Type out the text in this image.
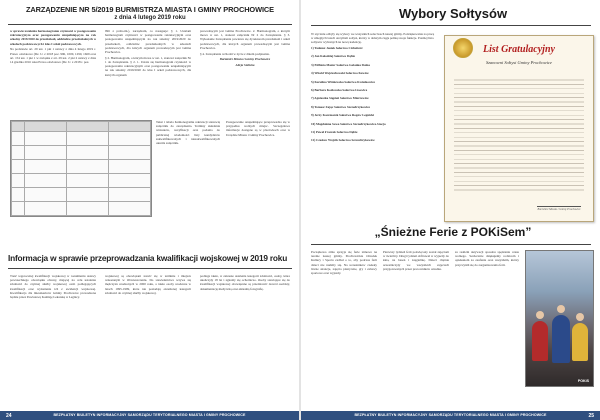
ZARZĄDZENIE NR 5/2019 BURMISTRZA MIASTA I GMINY PROCHOWICE
z dnia 4 lutego 2019 roku

w sprawie ustalenia harmonogramu czynności w postępowaniu rekrutacyjnym oraz postępowaniu uzupełniającym na rok szkolny 2019/2020 do przedszkoli, oddziałów przedszkolnych w szkołach podstawowych i klas I szkół podstawowych.

Na podstawie art. 29 ust. 1 pkt 1 ustawy z dnia 4 lutego 2019 r. Prawo oświatowe (Dz. U. z 2018 poz. 996, 1000, 1290, 1669 oraz art. 154 ust. 1 pkt 1 w związku z art. 29 ust. 2 pkt 2 ustawy z dnia 14 grudnia 2016 roku Prawo oświatowe (Dz. U. z 2018 r. poz.

996 z późn.zm.), zarządzam, co następuje: § 1. Ustalam harmonogram czynności w postępowaniu rekrutacyjnym oraz postępowaniu uzupełniającym na rok szkolny 2019/2020 do przedszkoli, oddziałów przedszkolnych w szkołach podstawowych, dla których organem prowadzącym jest Gmina Prochowice.

§ 2. Harmonogram, o którym mowa w ust. 1, stanowi załącznik Nr 1 do Zarządzenia. § 2. 1. Ustala się harmonogram czynności w postępowaniu rekrutacyjnym oraz postępowaniu uzupełniającym na rok szkolny 2019/2020 do klas I szkół podstawowych, dla których organem

prowadzącym jest Gmina Prochowice. 2. Harmonogram, o którym mowa w ust. 1, stanowi załącznik Nr 2 do Zarządzenia. § 3. Wykonanie Zarządzenia powierza się dyrektorom przedszkoli i szkół podstawowych, dla których organem prowadzącym jest Gmina Prochowice.

§ 4. Zarządzenie wchodzi w życie z dniem podpisania.

Burmistrz Miasta i Gminy Prochowice

Alicja Sielicka

Tekst i tabela harmonogramu rekrutacji stanowią załącznik do zarządzenia. Terminy składania wniosków, weryfikacji oraz podania do publicznej wiadomości listy kandydatów zakwalifikowanych i niezakwalifikowanych określa załącznik.

Postępowanie uzupełniające przeprowadza się w przypadku wolnych miejsc. Szczegółowe informacje dostępne są w placówkach oraz w Urzędzie Miasta i Gminy Prochowice.

Informacja w sprawie przeprowadzania kwalifikacji wojskowej w 2019 roku

Treść tegorocznej kwalifikacji wojskowej w rozumieniu ustawy powszechnego obowiązku obrony, mającej na celu ustalenie zdolności do czynnej służby wojskowej osób podlegających kwalifikacji oraz wyłonienie ich z ewidencji wojskowej. Kwalifikacja dla mieszkańców Gminy Prochowice prowadzona będzie przez Powiatową Komisję Lekarską w Legnicy.

wojskowej są obowiązani stawić się w terminie i miejscu wskazanym w Obwieszczeniu. Do stawiennictwa wzywa się mężczyzn urodzonych w 2000 roku, a także osoby urodzone w latach 1995-1999, które nie posiadają określonej kategorii zdolności do czynnej służby wojskowej.

podlega także, w zakresie ustalenia kategorii zdolności, osoby, które ukończyły 18 lat i zgłosiły się ochotniczo. Osoby stawiające się do kwalifikacji wojskowej obowiązane są przedstawić dowód osobisty, dokumentację medyczną oraz aktualną fotografię.

24	BEZPŁATNY BIULETYN INFORMACYJNY SAMORZĄDU TERYTORIALNEGO MIASTA I GMINY PROCHOWICE
Wybory Sołtysów

W styczniu odbyły się wybory we wszystkich sołectwach naszej gminy. Podziękowania za pracę w ubiegłych latach otrzymali sołtysi, którzy w dalszym ciągu pełnią swoje funkcje. Poniżej lista sołtysów wybranych na nową kadencję.

1) Tadeusz Jasiak Sołectwo Cichobórz

2) Jan Kołodziej Sołectwo Dąbie

3) Elżbieta Mazur Sołectwo Golanka Dolna

4) Witold Wojciechowski Sołectwo Kawice

5) Karolina Wiśniewska Sołectwo Kwiatkowice

6) Barbara Kozłowska Sołectwo Lisowice

7) Agnieszka Stępień Sołectwo Mierzowice

8) Tomasz Zając Sołectwo Szczedrzykowice

9) Jerzy Kaczmarek Sołectwo Rogów Legnicki

10) Magdalena Sowa Sołectwo Szczedrzykowice-Stacja

11) Paweł Fraczek Sołectwo Dąbie

12) Czesław Wójcik Sołectwo Szczedrzykowice

List Gratulacyjny
Szanowni Sołtysi Gminy Prochowice
Burmistrz Miasta i Gminy Prochowice
„Śnieżne Ferie z POKiSem”

Początkowa zima sprzyja się ferie zimowe na terenie naszej gminy. Prochowickie Ośrodek Kultury i Sportu zadbał o to, aby podczas ferii dzieci nie nudziły się. Na uczestników czekały liczne atrakcje, zajęcia plastyczne, gry i zabawy sportowe oraz wyjazdy.

Pierwszy tydzień ferii poświęcony został zajęciom w świetlicy. Drugi tydzień obfitował w wyjazdy do kina, na basen i kręgielnię. Dzieci chętnie uczestniczyły we wszystkich zajęciach przygotowanych przez pracowników ośrodka.

za realizm aktywacji sposobu spędzania czasu wolnego. Serdecznie dziękujemy rodzicom i opiekunom za zaufanie oraz wszystkim, którzy przyczynili się do zorganizowania ferii.

POKiS
BEZPŁATNY BIULETYN INFORMACYJNY SAMORZĄDU TERYTORIALNEGO MIASTA I GMINY PROCHOWICE	25
